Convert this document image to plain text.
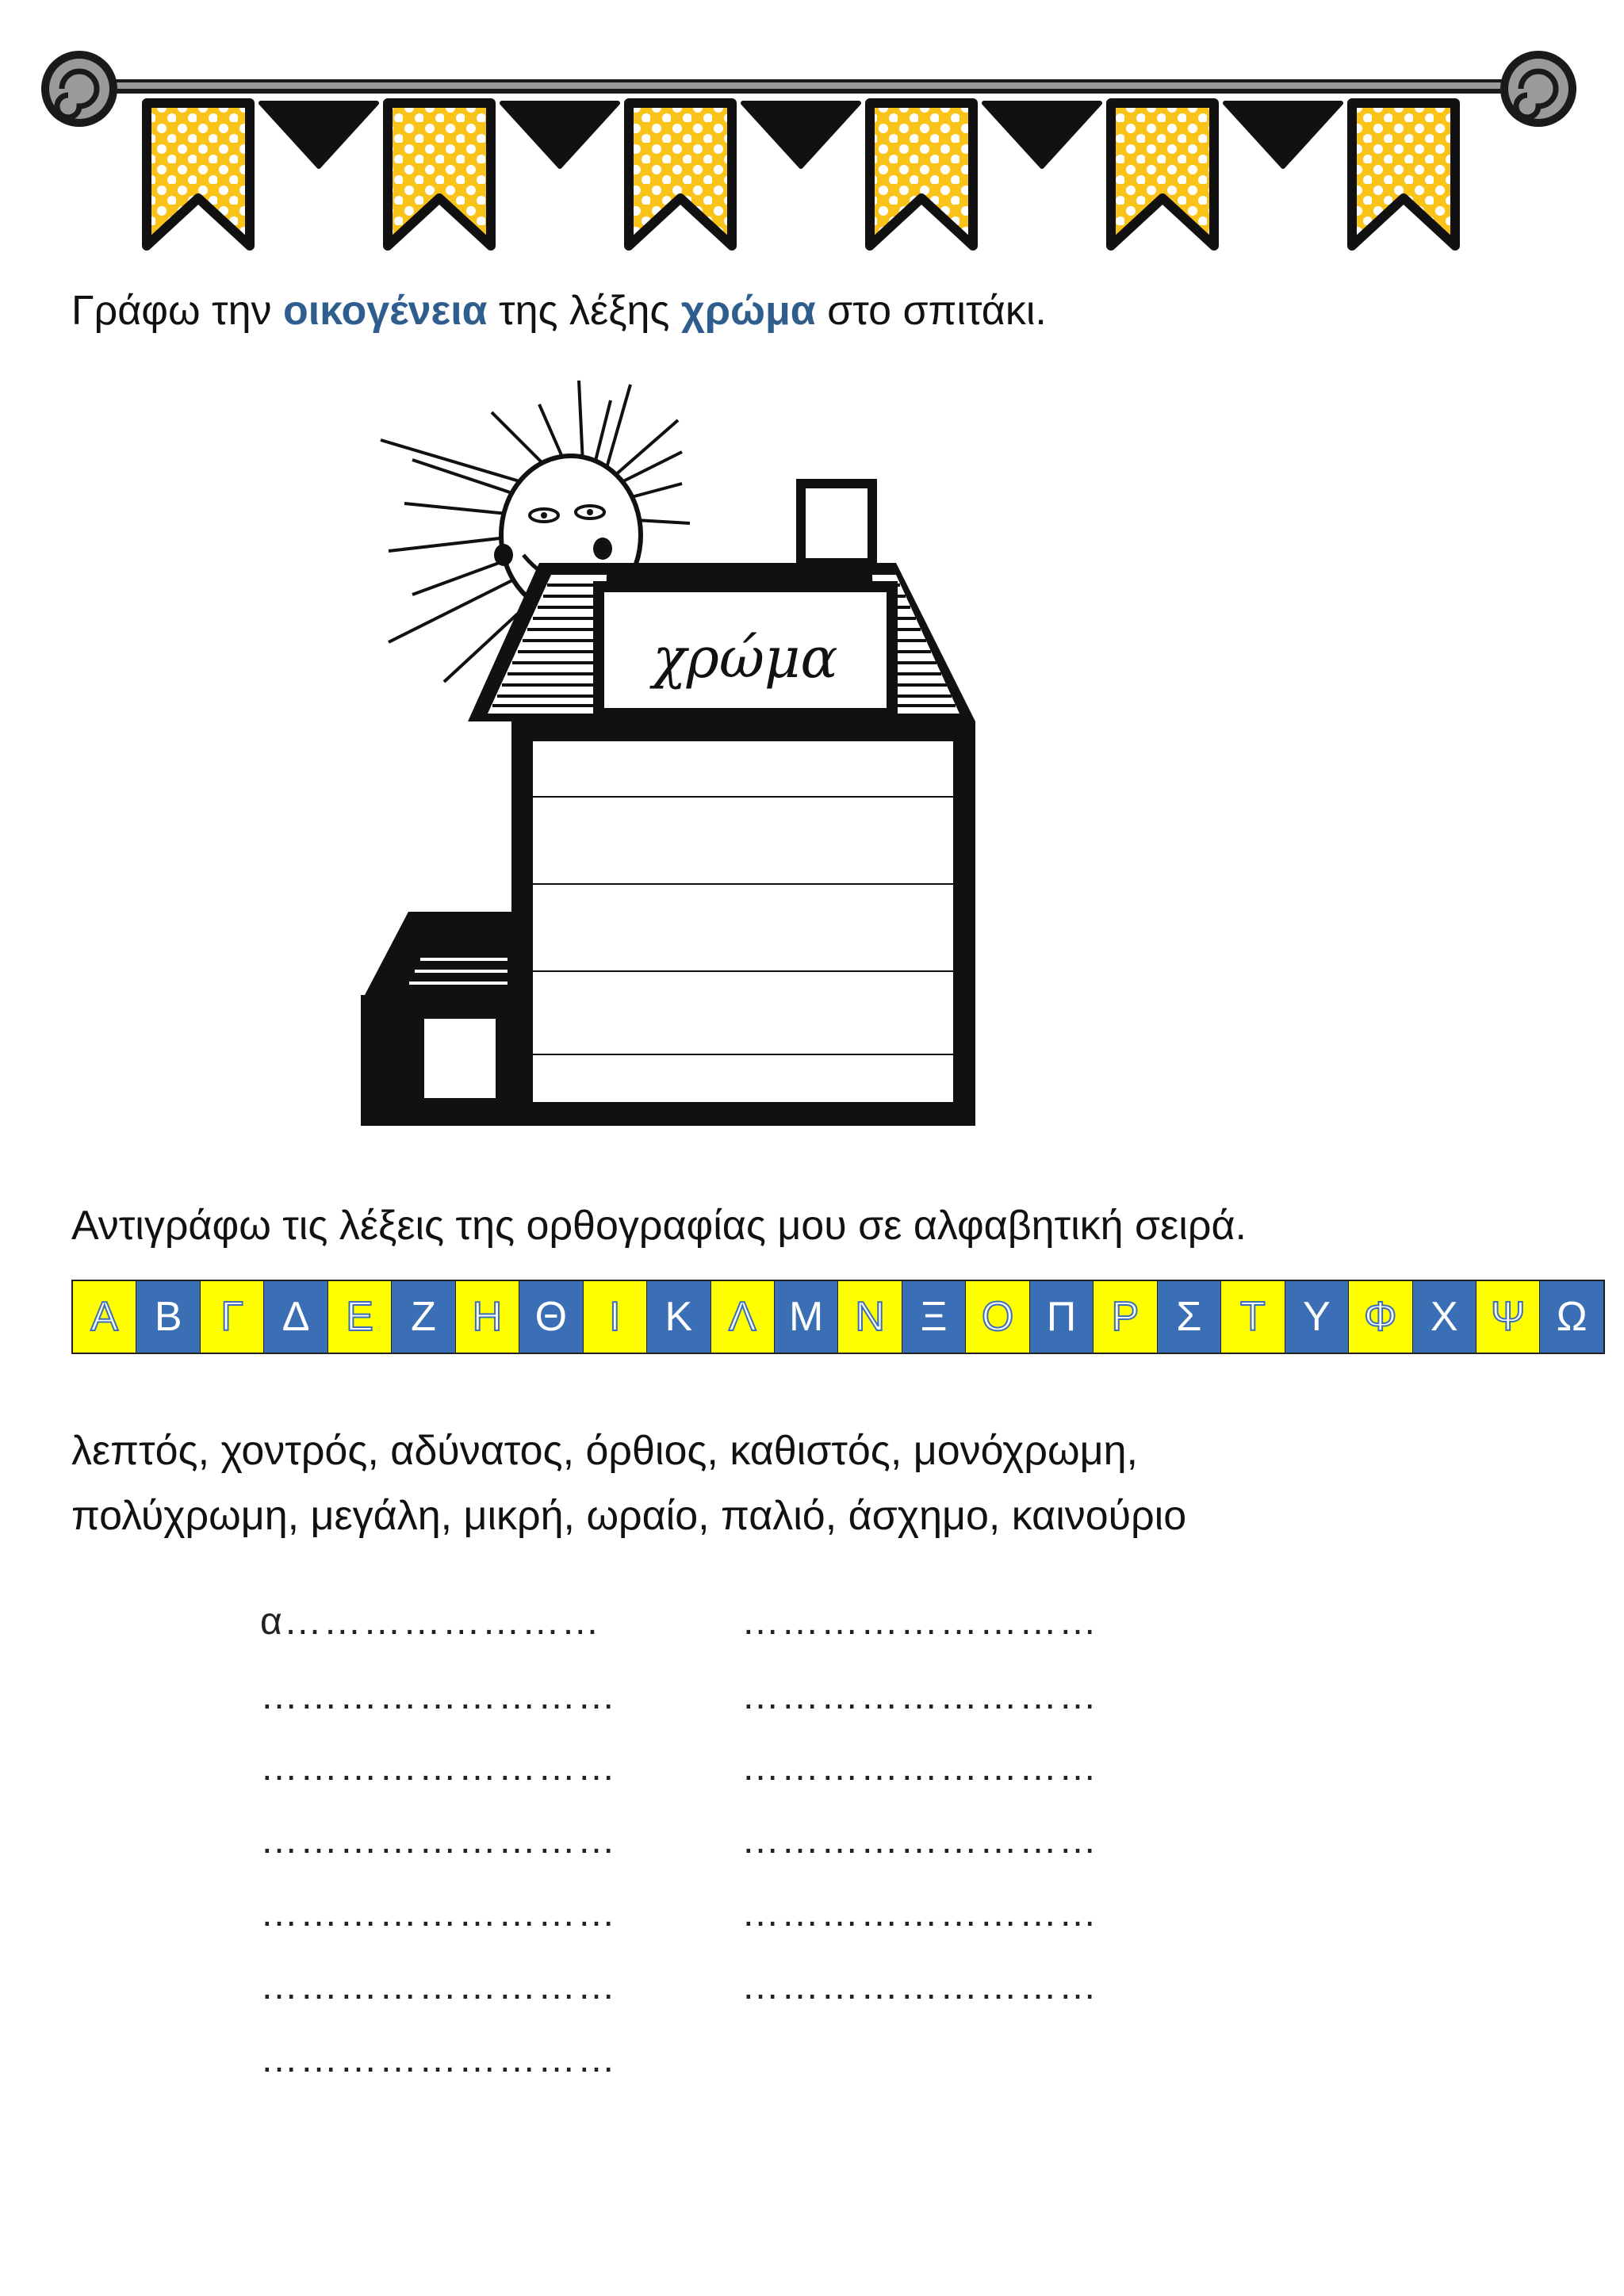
Γράφω την οικογένεια της λέξης χρώμα στο σπιτάκι.
χρώμα
Αντιγράφω τις λέξεις της ορθογραφίας μου σε αλφαβητική σειρά.
Α Β Γ Δ Ε Ζ Η Θ	Ι	Κ Λ Μ Ν Ξ Ο Π Ρ Σ Τ Υ Φ Χ Ψ Ω
λεπτός, χοντρός, αδύνατος, όρθιος, καθιστός, μονόχρωμη,
πολύχρωμη, μεγάλη, μικρή, ωραίο, παλιό, άσχημο, καινούριο
α……………………	………………………
………………………	………………………
………………………	………………………
………………………	………………………
………………………	………………………
………………………	………………………
………………………
